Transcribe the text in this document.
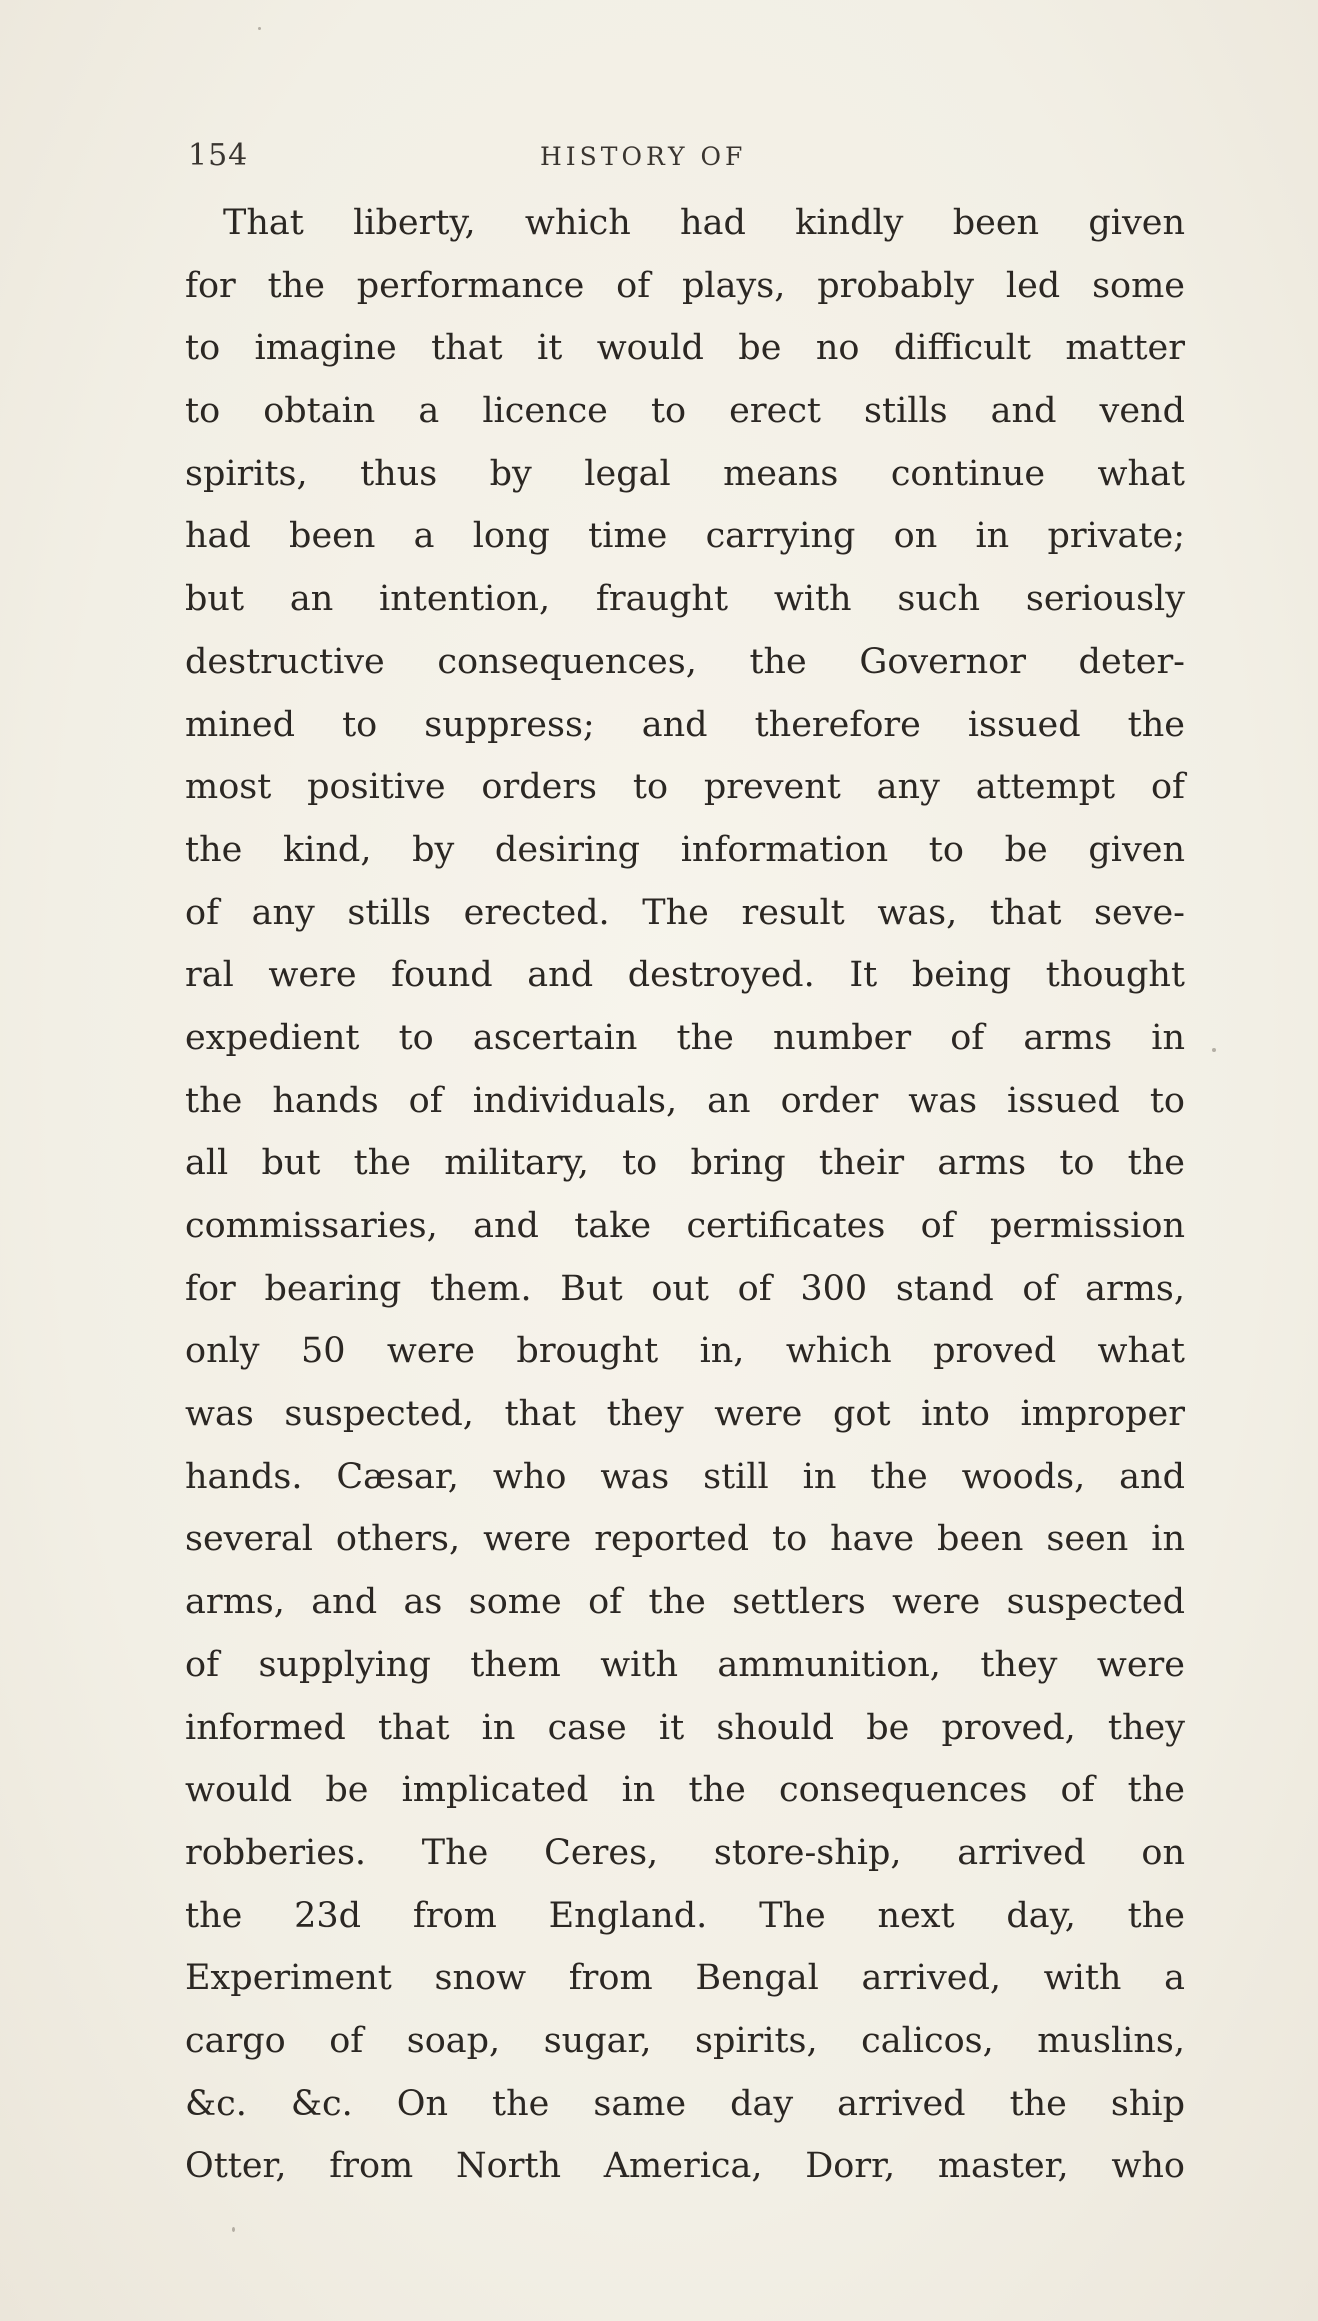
154	HISTORY OF
That liberty, which had kindly been given
for the performance of plays, probably led some
to imagine that it would be no difficult matter
to obtain a licence to erect stills and vend
spirits, thus by legal means continue what
had been a long time carrying on in private;
but an intention, fraught with such seriously
destructive consequences, the Governor deter-
mined to suppress; and therefore issued the
most positive orders to prevent any attempt of
the kind, by desiring information to be given
of any stills erected. The result was, that seve-
ral were found and destroyed. It being thought
expedient to ascertain the number of arms in
the hands of individuals, an order was issued to
all but the military, to bring their arms to the
commissaries, and take certificates of permission
for bearing them. But out of 300 stand of arms,
only 50 were brought in, which proved what
was suspected, that they were got into improper
hands. Cæsar, who was still in the woods, and
several others, were reported to have been seen in
arms, and as some of the settlers were suspected
of supplying them with ammunition, they were
informed that in case it should be proved, they
would be implicated in the consequences of the
robberies. The Ceres, store-ship, arrived on
the 23d from England. The next day, the
Experiment snow from Bengal arrived, with a
cargo of soap, sugar, spirits, calicos, muslins,
&c. &c. On the same day arrived the ship
Otter, from North America, Dorr, master, who
